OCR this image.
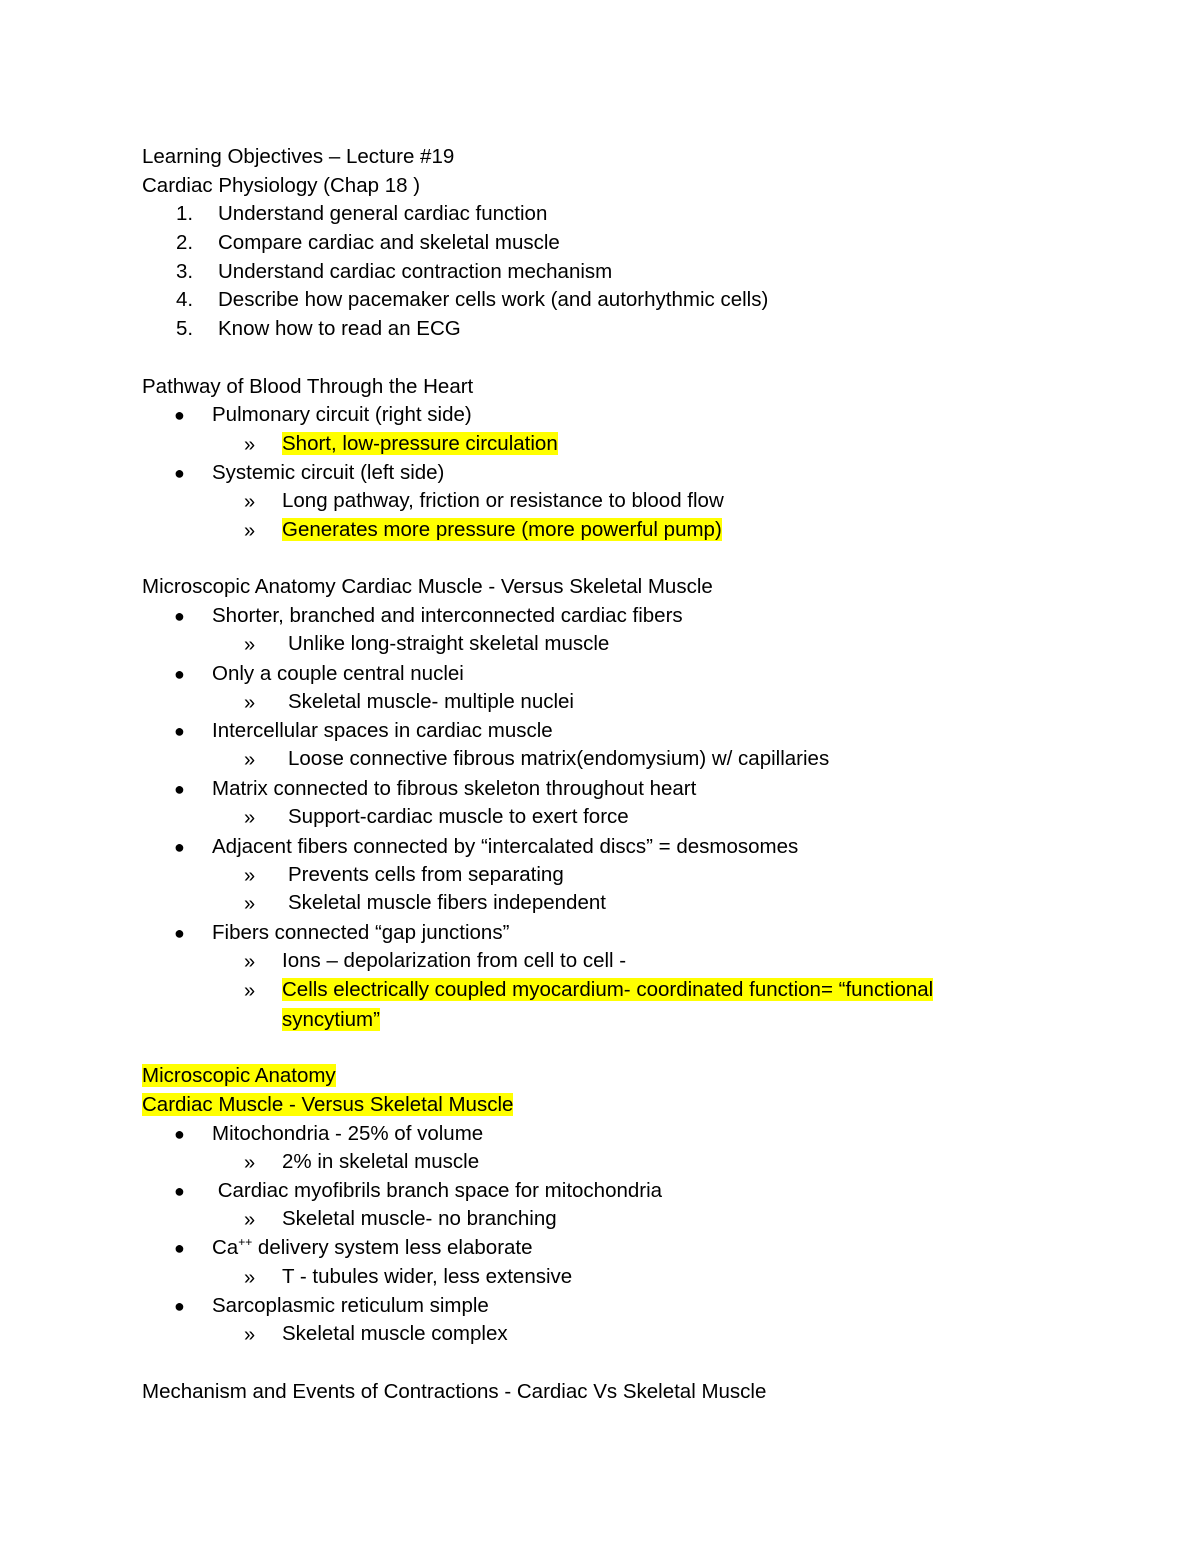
Learning Objectives – Lecture #19
Cardiac Physiology (Chap 18 )
1.	Understand general cardiac function
2.	Compare cardiac and skeletal muscle
3.	Understand cardiac contraction mechanism
4.	Describe how pacemaker cells work (and autorhythmic cells)
5.	Know how to read an ECG
Pathway of Blood Through the Heart
● Pulmonary circuit (right side)
» Short, low-pressure circulation
● Systemic circuit (left side)
» Long pathway, friction or resistance to blood flow
» Generates more pressure (more powerful pump)
Microscopic Anatomy Cardiac Muscle - Versus Skeletal Muscle
● Shorter, branched and interconnected cardiac fibers
» Unlike long-straight skeletal muscle
● Only a couple central nuclei
» Skeletal muscle- multiple nuclei
● Intercellular spaces in cardiac muscle
» Loose connective fibrous matrix(endomysium) w/ capillaries
● Matrix connected to fibrous skeleton throughout heart
» Support-cardiac muscle to exert force
● Adjacent fibers connected by “intercalated discs” = desmosomes
» Prevents cells from separating
» Skeletal muscle fibers independent
● Fibers connected “gap junctions”
» Ions – depolarization from cell to cell -
» Cells electrically coupled myocardium- coordinated function= “functional
syncytium”
Microscopic Anatomy
Cardiac Muscle - Versus Skeletal Muscle
● Mitochondria - 25% of volume
» 2% in skeletal muscle
● Cardiac myofibrils branch space for mitochondria
» Skeletal muscle- no branching
● Ca++ delivery system less elaborate
» T - tubules wider, less extensive
● Sarcoplasmic reticulum simple
» Skeletal muscle complex
Mechanism and Events of Contractions - Cardiac Vs Skeletal Muscle
